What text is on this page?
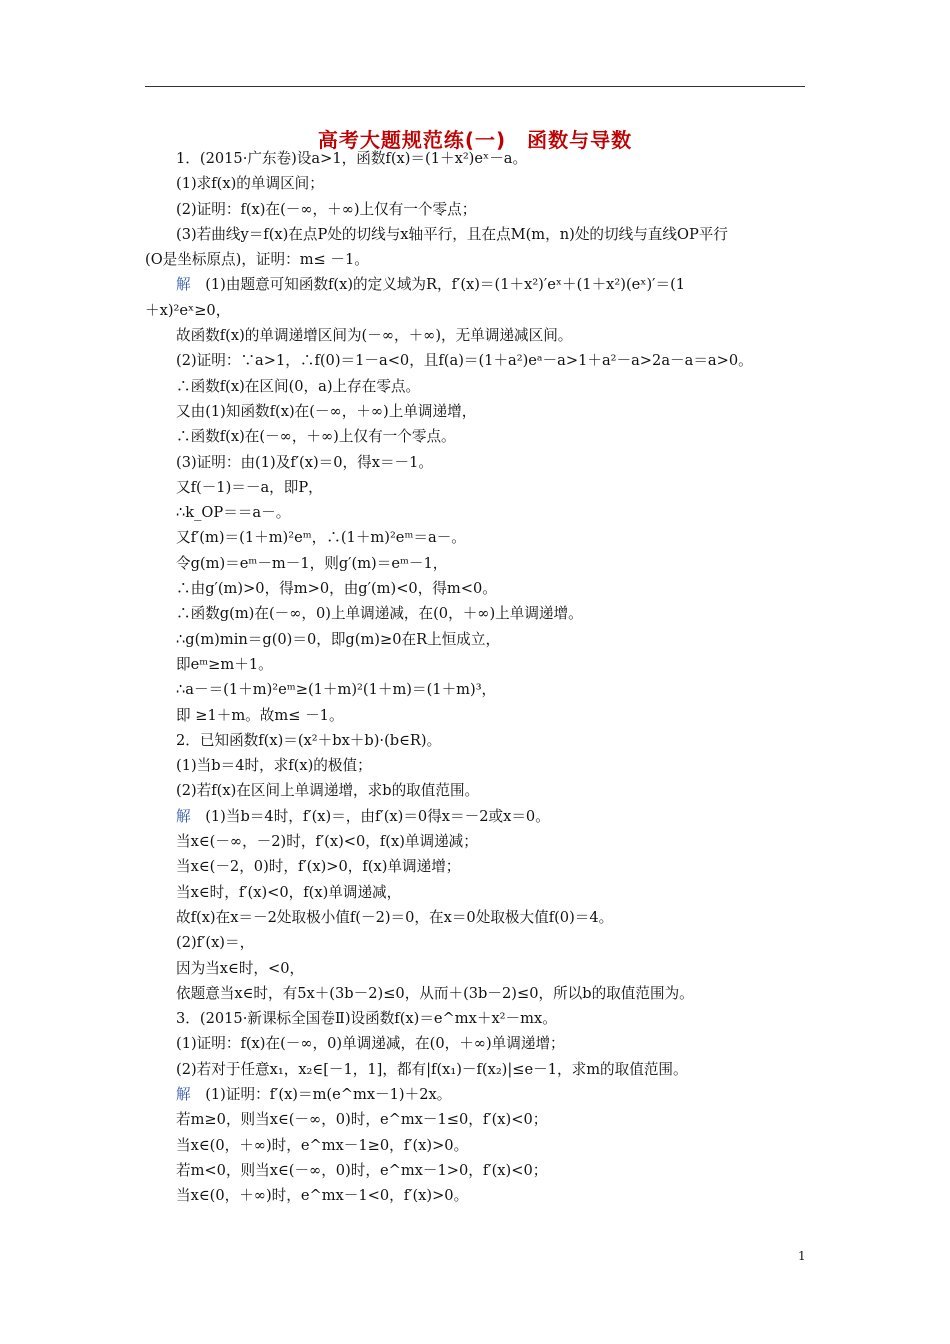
高考大题规范练(一)　函数与导数
1．(2015·广东卷)设a>1，函数f(x)＝(1＋x²)eˣ－a。
(1)求f(x)的单调区间；
(2)证明：f(x)在(－∞，＋∞)上仅有一个零点；
(3)若曲线y＝f(x)在点P处的切线与x轴平行，且在点M(m，n)处的切线与直线OP平行
(O是坐标原点)，证明：m≤ －1。
解　(1)由题意可知函数f(x)的定义域为R，f′(x)＝(1＋x²)′eˣ＋(1＋x²)(eˣ)′＝(1
＋x)²eˣ≥0，
故函数f(x)的单调递增区间为(－∞，＋∞)，无单调递减区间。
(2)证明：∵a>1，∴f(0)＝1－a<0，且f(a)＝(1＋a²)eᵃ－a>1＋a²－a>2a－a＝a>0。
∴函数f(x)在区间(0，a)上存在零点。
又由(1)知函数f(x)在(－∞，＋∞)上单调递增，
∴函数f(x)在(－∞，＋∞)上仅有一个零点。
(3)证明：由(1)及f′(x)＝0，得x＝－1。
又f(－1)＝－a，即P，
∴k_OP＝＝a－。
又f′(m)＝(1＋m)²eᵐ，∴(1＋m)²eᵐ＝a－。
令g(m)＝eᵐ－m－1，则g′(m)＝eᵐ－1，
∴由g′(m)>0，得m>0，由g′(m)<0，得m<0。
∴函数g(m)在(－∞，0)上单调递减，在(0，＋∞)上单调递增。
∴g(m)min＝g(0)＝0，即g(m)≥0在R上恒成立，
即eᵐ≥m＋1。
∴a－＝(1＋m)²eᵐ≥(1＋m)²(1＋m)＝(1＋m)³，
即 ≥1＋m。故m≤ －1。
2．已知函数f(x)＝(x²＋bx＋b)·(b∈R)。
(1)当b＝4时，求f(x)的极值；
(2)若f(x)在区间上单调递增，求b的取值范围。
解　(1)当b＝4时，f′(x)＝，由f′(x)＝0得x＝－2或x＝0。
当x∈(－∞，－2)时，f′(x)<0，f(x)单调递减；
当x∈(－2，0)时，f′(x)>0，f(x)单调递增；
当x∈时，f′(x)<0，f(x)单调递减，
故f(x)在x＝－2处取极小值f(－2)＝0，在x＝0处取极大值f(0)＝4。
(2)f′(x)＝，
因为当x∈时，<0，
依题意当x∈时，有5x＋(3b－2)≤0，从而＋(3b－2)≤0，所以b的取值范围为。
3．(2015·新课标全国卷Ⅱ)设函数f(x)＝e^mx＋x²－mx。
(1)证明：f(x)在(－∞，0)单调递减，在(0，＋∞)单调递增；
(2)若对于任意x₁，x₂∈[－1，1]，都有|f(x₁)－f(x₂)|≤e－1，求m的取值范围。
解　(1)证明：f′(x)＝m(e^mx－1)＋2x。
若m≥0，则当x∈(－∞，0)时，e^mx－1≤0，f′(x)<0；
当x∈(0，＋∞)时，e^mx－1≥0，f′(x)>0。
若m<0，则当x∈(－∞，0)时，e^mx－1>0，f′(x)<0；
当x∈(0，＋∞)时，e^mx－1<0，f′(x)>0。
1
